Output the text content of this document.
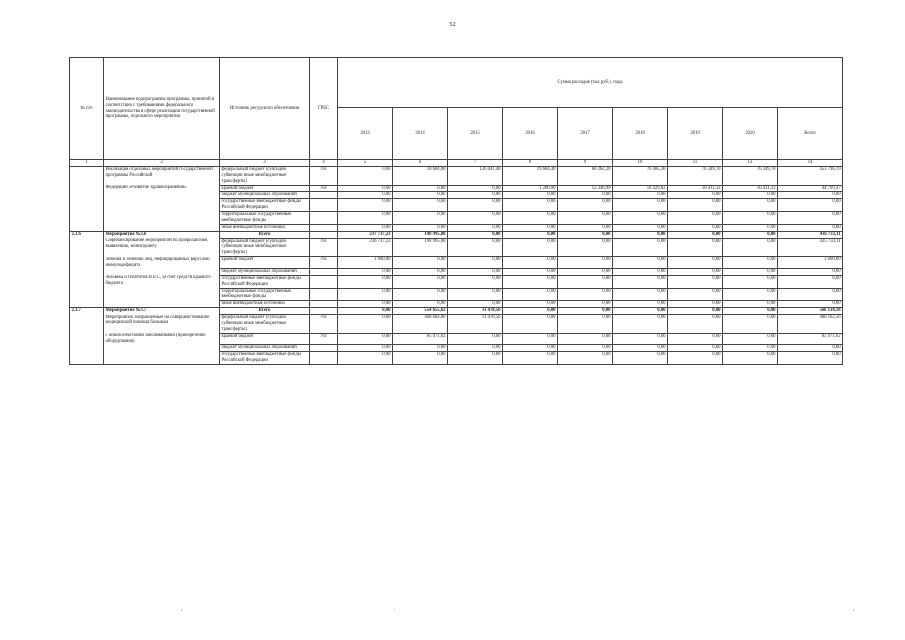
52
№ п/п	Наименование подпрограммы программы, принятой в соответствии с требованиями федерального законодательства в сфере реализации государственной программы, отдельного мероприятия	Источник ресурсного обеспечения	ГРБС	Сумма расходов (тыс руб.), годы								
				2013	2014	2015	2016	2017	2018	2019	2020	Всего
1	2	3	4	5	6	7	8	9	10	11	12	14
	Реализация отдельных мероприятий государственной программы Российской	федеральный бюджет (субсидии субвенции иные межбюджетные трансферты)	761	0,00	18 604,00	126 041,40	19 684,40	60 282,20	76 485,30	76 349,70	76 349,70	453 796,70
	Федерации «Развитие здравоохранения»	краевой бюджет	761	0,00	0,00	0,00	1 200,00	12 346,99	10 429,82	10 411,33	10 411,33	44 799,47
		бюджет муниципальных образований		0,00	0,00	0,00	0,00	0,00	0,00	0,00	0,00	0,00
		государственные внебюджетные фонды Российской Федерации		0,00	0,00	0,00	0,00	0,00	0,00	0,00	0,00	0,00
		территориальные государственные внебюджетные фонды		0,00	0,00	0,00	0,00	0,00	0,00	0,00	0,00	0,00
		иные внебюджетные источники		0,00	0,00	0,00	0,00	0,00	0,00	0,00	0,00	0,00
2.3.6	Мероприятие №3.6	Всего		237 737,23	198 995,88	0,00	0,00	0,00	0,00	0,00	0,00	436 733,11
	Софинансирование мероприятий по профилактике, выявлению, мониторингу	федеральный бюджет (субсидии субвенции иные межбюджетные трансферты)	761	236 737,23	198 995,88	0,00	0,00	0,00	0,00	0,00	0,00	435 733,11
	лечения и лечению лиц, инфицированных вирусами иммунодефицита	краевой бюджет	761	1 000,00	0,00	0,00	0,00	0,00	0,00	0,00	0,00	1 000,00
		бюджет муниципальных образований		0,00	0,00	0,00	0,00	0,00	0,00	0,00	0,00	0,00
	человека и гепатитов В и С, за счет средств краевого бюджета	государственные внебюджетные фонды Российской Федерации		0,00	0,00	0,00	0,00	0,00	0,00	0,00	0,00	0,00
		территориальные государственные внебюджетные фонды		0,00	0,00	0,00	0,00	0,00	0,00	0,00	0,00	0,00
		иные внебюджетные источники		0,00	0,00	0,00	0,00	0,00	0,00	0,00	0,00	0,00
2.3.7	Мероприятие №3.7	Всего		0,00	554 655,62	11 478,56	0,00	0,00	0,00	0,00	0,00	566 134,18
	Мероприятия, направленные на совершенствование медицинской помощи больным	федеральный бюджет (субсидии субвенции иные межбюджетные трансферты)	761	0,00	468 684,00	11 478,56	0,00	0,00	0,00	0,00	0,00	480 162,56
	с онкологическими заболеваниями (приобретение оборудования)	краевой бюджет	761	0,00	85 971,62	0,00	0,00	0,00	0,00	0,00	0,00	85 971,62
		бюджет муниципальных образований		0,00	0,00	0,00	0,00	0,00	0,00	0,00	0,00	0,00
		государственные внебюджетные фонды Российской Федерации		0,00	0,00	0,00	0,00	0,00	0,00	0,00	0,00	0,00
,	.	,
